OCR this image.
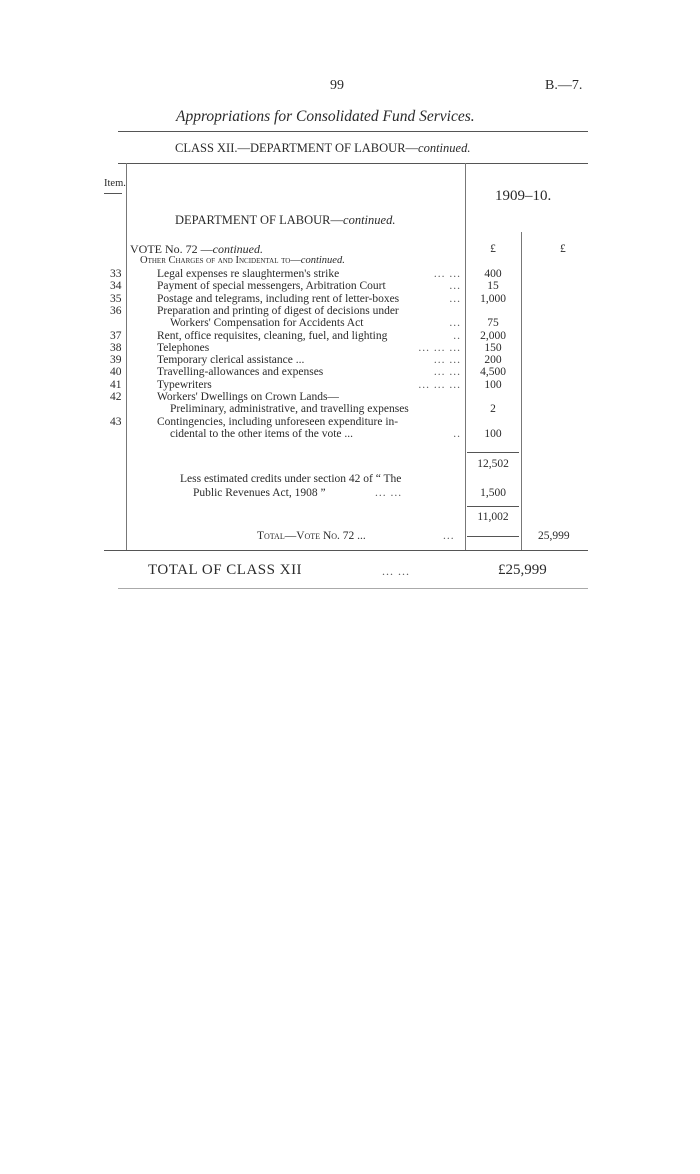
99	B.—7.
Appropriations for Consolidated Fund Services.
CLASS XII.—DEPARTMENT OF LABOUR—continued.
Item.
1909–10.
DEPARTMENT OF LABOUR—continued.
VOTE No. 72 —continued.
Other Charges of and Incidental to—continued.
£	£
33	Legal expenses re slaughtermen's strike	... ...	400
34	Payment of special messengers, Arbitration Court	...	15
35	Postage and telegrams, including rent of letter-boxes	...	1,000
36	Preparation and printing of digest of decisions under
Workers' Compensation for Accidents Act	...	75
37	Rent, office requisites, cleaning, fuel, and lighting	..	2,000
38	Telephones	... ... ...	150
39	Temporary clerical assistance ...	... ...	200
40	Travelling-allowances and expenses	... ...	4,500
41	Typewriters	... ... ...	100
42	Workers' Dwellings on Crown Lands—
Preliminary, administrative, and travelling expenses	2
43	Contingencies, including unforeseen expenditure in-
cidental to the other items of the vote ...	..	100
12,502
Less estimated credits under section 42 of “ The
Public Revenues Act, 1908 ”	... ...	1,500
11,002
Total—Vote No. 72 ...	...	25,999
TOTAL OF CLASS XII	... ...	£25,999
